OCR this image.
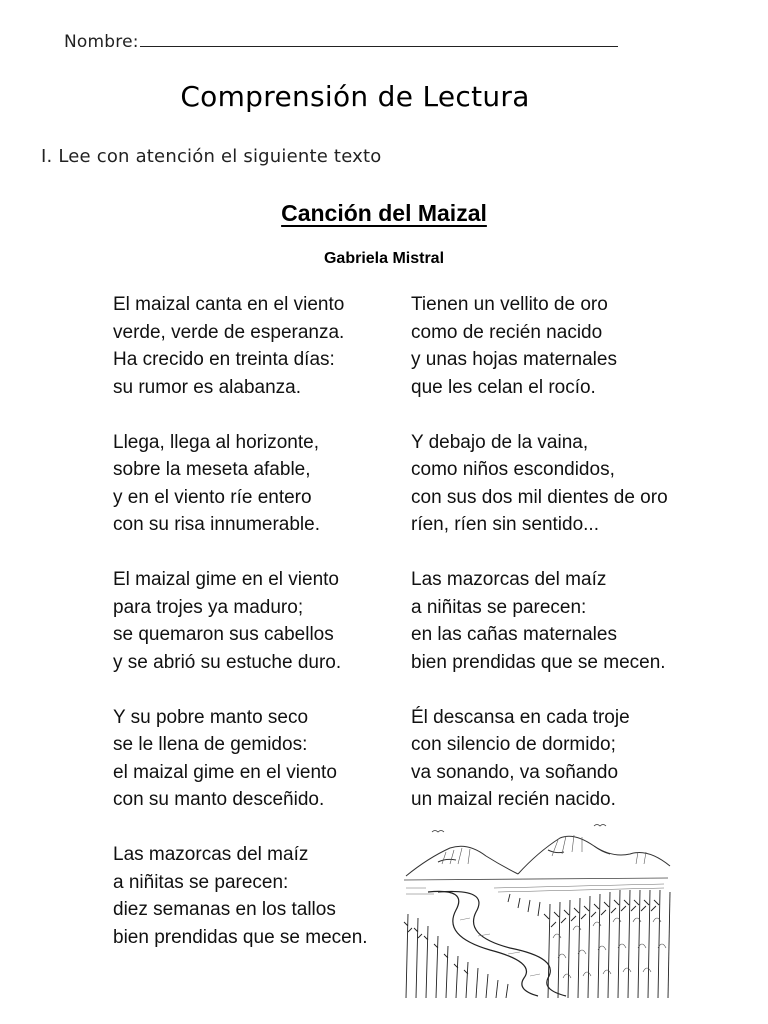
Nombre:
Comprensión de Lectura

I. Lee con atención el siguiente texto

Canción del Maizal

Gabriela Mistral

El maizal canta en el viento
verde, verde de esperanza.
Ha crecido en treinta días:
su rumor es alabanza.
Llega, llega al horizonte,
sobre la meseta afable,
y en el viento ríe entero
con su risa innumerable.
El maizal gime en el viento
para trojes ya maduro;
se quemaron sus cabellos
y se abrió su estuche duro.
Y su pobre manto seco
se le llena de gemidos:
el maizal gime en el viento
con su manto desceñido.
Las mazorcas del maíz
a niñitas se parecen:
diez semanas en los tallos
bien prendidas que se mecen.
Tienen un vellito de oro
como de recién nacido
y unas hojas maternales
que les celan el rocío.
Y debajo de la vaina,
como niños escondidos,
con sus dos mil dientes de oro
ríen, ríen sin sentido...
Las mazorcas del maíz
a niñitas se parecen:
en las cañas maternales
bien prendidas que se mecen.
Él descansa en cada troje
con silencio de dormido;
va sonando, va soñando
un maizal recién nacido.
